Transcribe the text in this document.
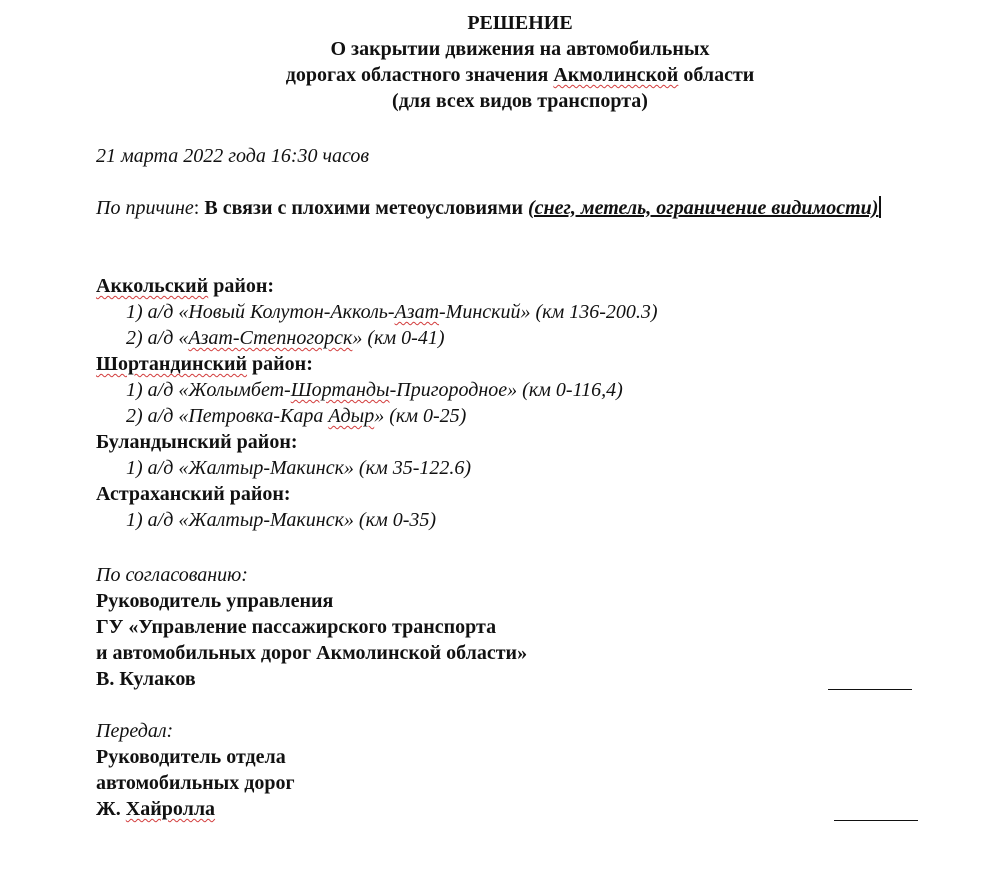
РЕШЕНИЕ
О закрытии движения на автомобильных
дорогах областного значения Акмолинской области
(для всех видов транспорта)
21 марта 2022 года 16:30 часов
По причине: В связи с плохими метеоусловиями (снег, метель, ограничение видимости)
Аккольский район:
1) а/д «Новый Колутон-Акколь-Азат-Минский» (км 136-200.3)
2) а/д «Азат-Степногорск» (км 0-41)
Шортандинский район:
1) а/д «Жолымбет-Шортанды-Пригородное» (км 0-116,4)
2) а/д «Петровка-Кара Адыр» (км 0-25)
Буландынский район:
1) а/д «Жалтыр-Макинск» (км 35-122.6)
Астраханский район:
1) а/д «Жалтыр-Макинск» (км 0-35)
По согласованию:
Руководитель управления
ГУ «Управление пассажирского транспорта
и автомобильных дорог Акмолинской области»
В. Кулаков
Передал:
Руководитель отдела
автомобильных дорог
Ж. Хайролла
